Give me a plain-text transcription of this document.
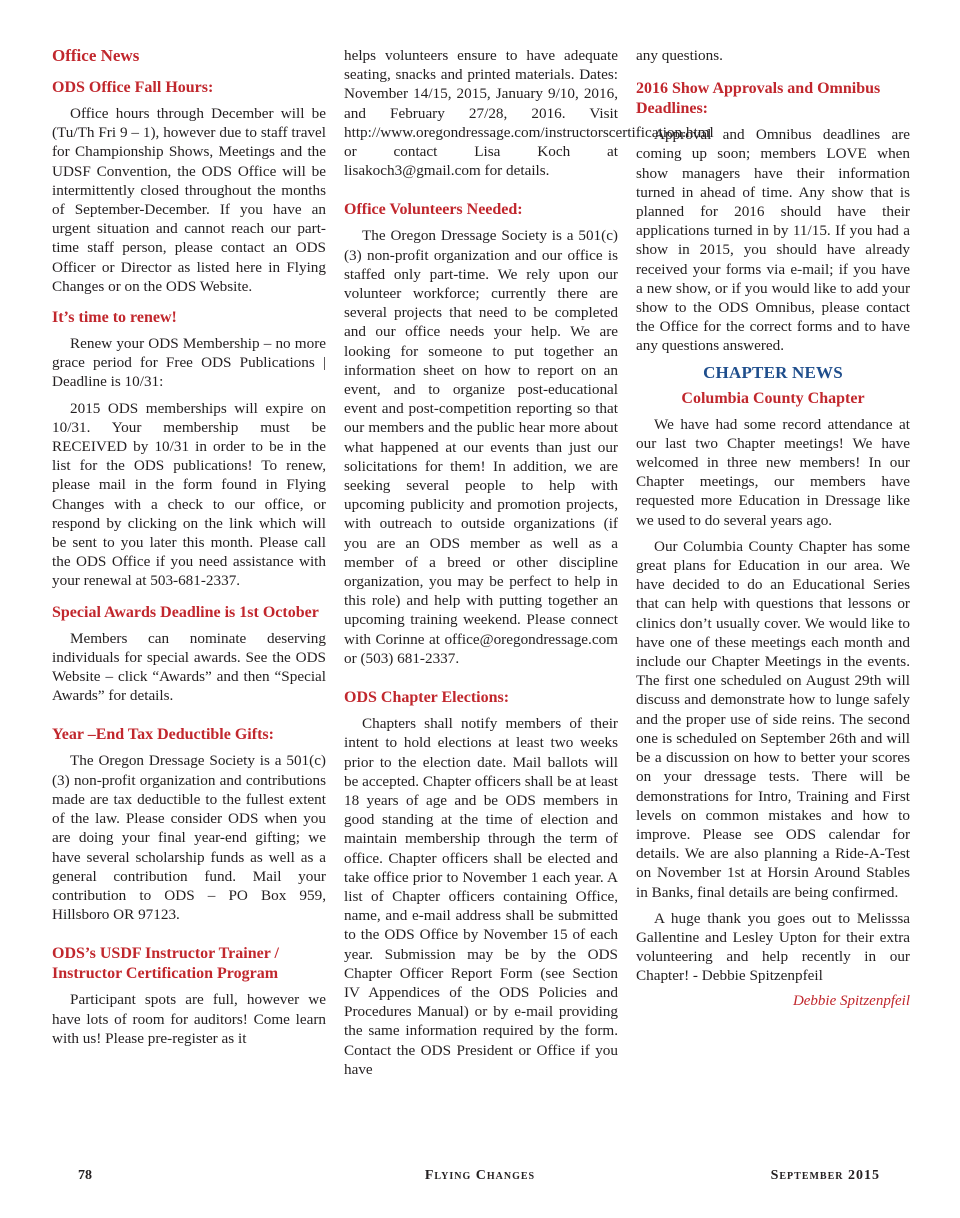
Office News
ODS Office Fall Hours:

Office hours through December will be (Tu/Th Fri 9 – 1), however due to staff travel for Championship Shows, Meetings and the UDSF Convention, the ODS Office will be intermittently closed throughout the months of September-December. If you have an urgent situation and cannot reach our part-time staff person, please contact an ODS Officer or Director as listed here in Flying Changes or on the ODS Website.

It’s time to renew!

Renew your ODS Membership – no more grace period for Free ODS Publications | Deadline is 10/31:

2015 ODS memberships will expire on 10/31. Your membership must be RECEIVED by 10/31 in order to be in the list for the ODS publications! To renew, please mail in the form found in Flying Changes with a check to our office, or respond by clicking on the link which will be sent to you later this month. Please call the ODS Office if you need assistance with your renewal at 503-681-2337.

Special Awards Deadline is 1st October

Members can nominate deserving individuals for special awards. See the ODS Website – click “Awards” and then “Special Awards” for details.

Year –End Tax Deductible Gifts:

The Oregon Dressage Society is a 501(c)(3) non-profit organization and contributions made are tax deductible to the fullest extent of the law. Please consider ODS when you are doing your final year-end gifting; we have several scholarship funds as well as a general contribution fund. Mail your contribution to ODS – PO Box 959, Hillsboro OR 97123.

ODS’s USDF Instructor Trainer / Instructor Certification Program

Participant spots are full, however we have lots of room for auditors! Come learn with us! Please pre-register as it

helps volunteers ensure to have adequate seating, snacks and printed materials. Dates: November 14/15, 2015, January 9/10, 2016, and February 27/28, 2016. Visit http://www.oregondressage.com/instructorscertification.html or contact Lisa Koch at lisakoch3@gmail.com for details.

Office Volunteers Needed:

The Oregon Dressage Society is a 501(c)(3) non-profit organization and our office is staffed only part-time. We rely upon our volunteer workforce; currently there are several projects that need to be completed and our office needs your help. We are looking for someone to put together an information sheet on how to report on an event, and to organize post-educational event and post-competition reporting so that our members and the public hear more about what happened at our events than just our solicitations for them! In addition, we are seeking several people to help with upcoming publicity and promotion projects, with outreach to outside organizations (if you are an ODS member as well as a member of a breed or other discipline organization, you may be perfect to help in this role) and help with putting together an upcoming training weekend. Please connect with Corinne at office@oregondressage.com or (503) 681-2337.

ODS Chapter Elections:

Chapters shall notify members of their intent to hold elections at least two weeks prior to the election date. Mail ballots will be accepted. Chapter officers shall be at least 18 years of age and be ODS members in good standing at the time of election and maintain membership through the term of office. Chapter officers shall be elected and take office prior to November 1 each year. A list of Chapter officers containing Office, name, and e-mail address shall be submitted to the ODS Office by November 15 of each year. Submission may be by the ODS Chapter Officer Report Form (see Section IV Appendices of the ODS Policies and Procedures Manual) or by e-mail providing the same information required by the form. Contact the ODS President or Office if you have

any questions.

2016 Show Approvals and Omnibus Deadlines:

Approval and Omnibus deadlines are coming up soon; members LOVE when show managers have their information turned in ahead of time. Any show that is planned for 2016 should have their applications turned in by 11/15. If you had a show in 2015, you should have already received your forms via e-mail; if you have a new show, or if you would like to add your show to the ODS Omnibus, please contact the Office for the correct forms and to have any questions answered.

CHAPTER NEWS
Columbia County Chapter

We have had some record attendance at our last two Chapter meetings! We have welcomed in three new members! In our Chapter meetings, our members have requested more Education in Dressage like we used to do several years ago.

Our Columbia County Chapter has some great plans for Education in our area. We have decided to do an Educational Series that can help with questions that lessons or clinics don’t usually cover. We would like to have one of these meetings each month and include our Chapter Meetings in the events. The first one scheduled on August 29th will discuss and demonstrate how to lunge safely and the proper use of side reins. The second one is scheduled on September 26th and will be a discussion on how to better your scores on your dressage tests. There will be demonstrations for Intro, Training and First levels on common mistakes and how to improve. Please see ODS calendar for details. We are also planning a Ride-A-Test on November 1st at Horsin Around Stables in Banks, final details are being confirmed.

A huge thank you goes out to Melisssa Gallentine and Lesley Upton for their extra volunteering and help recently in our Chapter! - Debbie Spitzenpfeil

Debbie Spitzenpfeil
78	Flying Changes	September 2015
